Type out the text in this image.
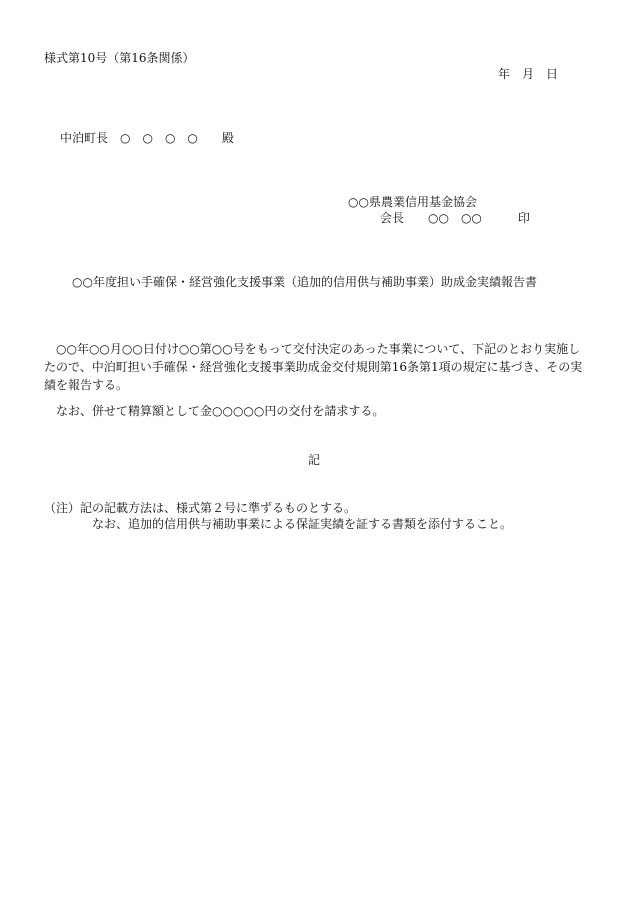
様式第10号（第16条関係）
年　月　日
中泊町長　○　○　○　○　　殿
○○県農業信用基金協会
会長　　○○　○○　　　印
○○年度担い手確保・経営強化支援事業（追加的信用供与補助事業）助成金実績報告書
○○年○○月○○日付け○○第○○号をもって交付決定のあった事業について、下記のとおり実施したので、中泊町担い手確保・経営強化支援事業助成金交付規則第16条第1項の規定に基づき、その実績を報告する。
なお、併せて精算額として金○○○○○円の交付を請求する。
記
（注）記の記載方法は、様式第２号に準ずるものとする。
なお、追加的信用供与補助事業による保証実績を証する書類を添付すること。
